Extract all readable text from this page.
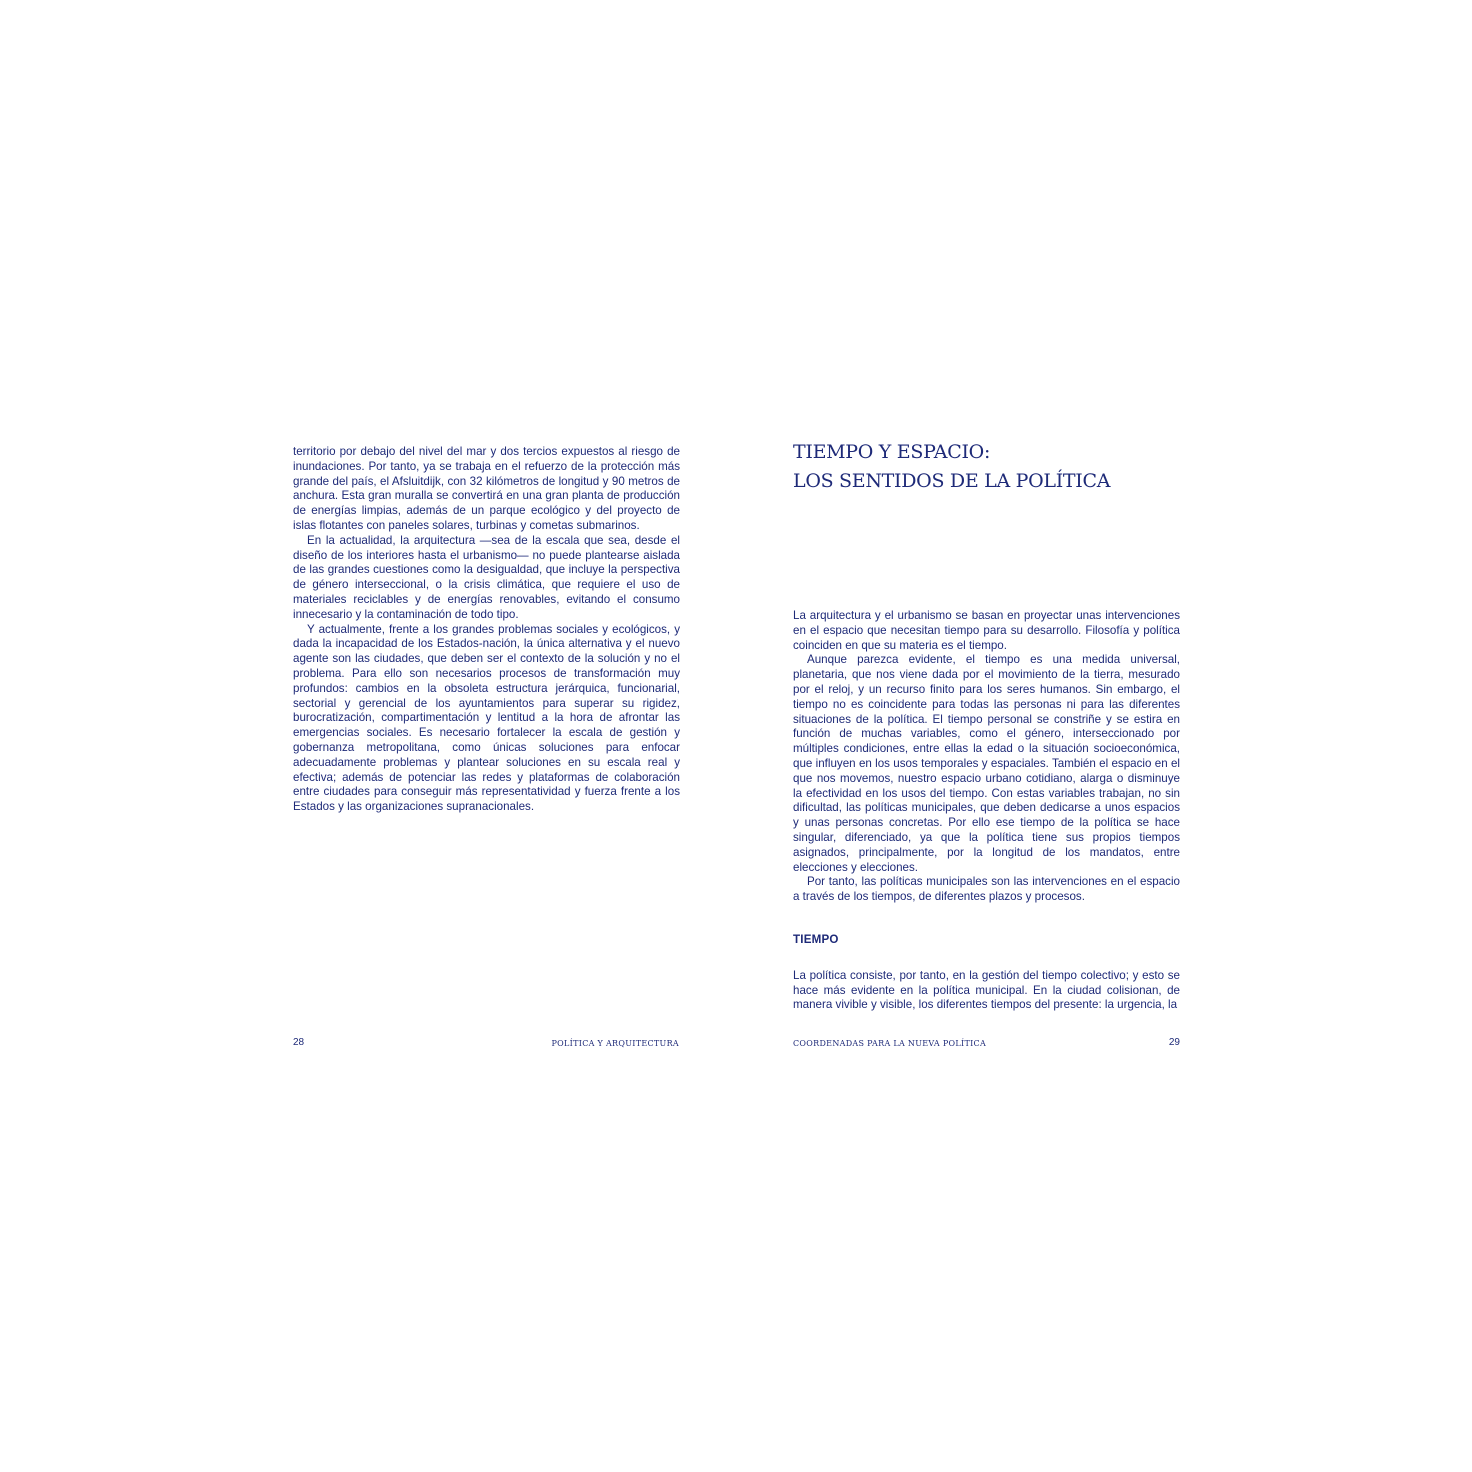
territorio por debajo del nivel del mar y dos tercios expuestos al riesgo de inundaciones. Por tanto, ya se trabaja en el refuerzo de la protección más grande del país, el Afsluitdijk, con 32 kilómetros de longitud y 90 metros de anchura. Esta gran muralla se convertirá en una gran planta de producción de energías limpias, además de un parque ecológico y del proyecto de islas flotantes con paneles solares, turbinas y cometas submarinos.

En la actualidad, la arquitectura —sea de la escala que sea, desde el diseño de los interiores hasta el urbanismo— no puede plantearse aislada de las grandes cuestiones como la desigualdad, que incluye la perspectiva de género interseccional, o la crisis climática, que requiere el uso de materiales reciclables y de energías renovables, evitando el consumo innecesario y la contaminación de todo tipo.

Y actualmente, frente a los grandes problemas sociales y ecológicos, y dada la incapacidad de los Estados-nación, la única alternativa y el nuevo agente son las ciudades, que deben ser el contexto de la solución y no el problema. Para ello son necesarios procesos de transformación muy profundos: cambios en la obsoleta estructura jerárquica, funcionarial, sectorial y gerencial de los ayuntamientos para superar su rigidez, burocratización, compartimentación y lentitud a la hora de afrontar las emergencias sociales. Es necesario fortalecer la escala de gestión y gobernanza metropolitana, como únicas soluciones para enfocar adecuadamente problemas y plantear soluciones en su escala real y efectiva; además de potenciar las redes y plataformas de colaboración entre ciudades para conseguir más representatividad y fuerza frente a los Estados y las organizaciones supranacionales.

28	POLÍTICA Y ARQUITECTURA
TIEMPO Y ESPACIO:
LOS SENTIDOS DE LA POLÍTICA

La arquitectura y el urbanismo se basan en proyectar unas intervenciones en el espacio que necesitan tiempo para su desarrollo. Filosofía y política coinciden en que su materia es el tiempo.

Aunque parezca evidente, el tiempo es una medida universal, planetaria, que nos viene dada por el movimiento de la tierra, mesurado por el reloj, y un recurso finito para los seres humanos. Sin embargo, el tiempo no es coincidente para todas las personas ni para las diferentes situaciones de la política. El tiempo personal se constriñe y se estira en función de muchas variables, como el género, interseccionado por múltiples condiciones, entre ellas la edad o la situación socioeconómica, que influyen en los usos temporales y espaciales. También el espacio en el que nos movemos, nuestro espacio urbano cotidiano, alarga o disminuye la efectividad en los usos del tiempo. Con estas variables trabajan, no sin dificultad, las políticas municipales, que deben dedicarse a unos espacios y unas personas concretas. Por ello ese tiempo de la política se hace singular, diferenciado, ya que la política tiene sus propios tiempos asignados, principalmente, por la longitud de los mandatos, entre elecciones y elecciones.

Por tanto, las políticas municipales son las intervenciones en el espacio a través de los tiempos, de diferentes plazos y procesos.

TIEMPO

La política consiste, por tanto, en la gestión del tiempo colectivo; y esto se hace más evidente en la política municipal. En la ciudad colisionan, de manera vivible y visible, los diferentes tiempos del presente: la urgencia, la

COORDENADAS PARA LA NUEVA POLÍTICA	29
